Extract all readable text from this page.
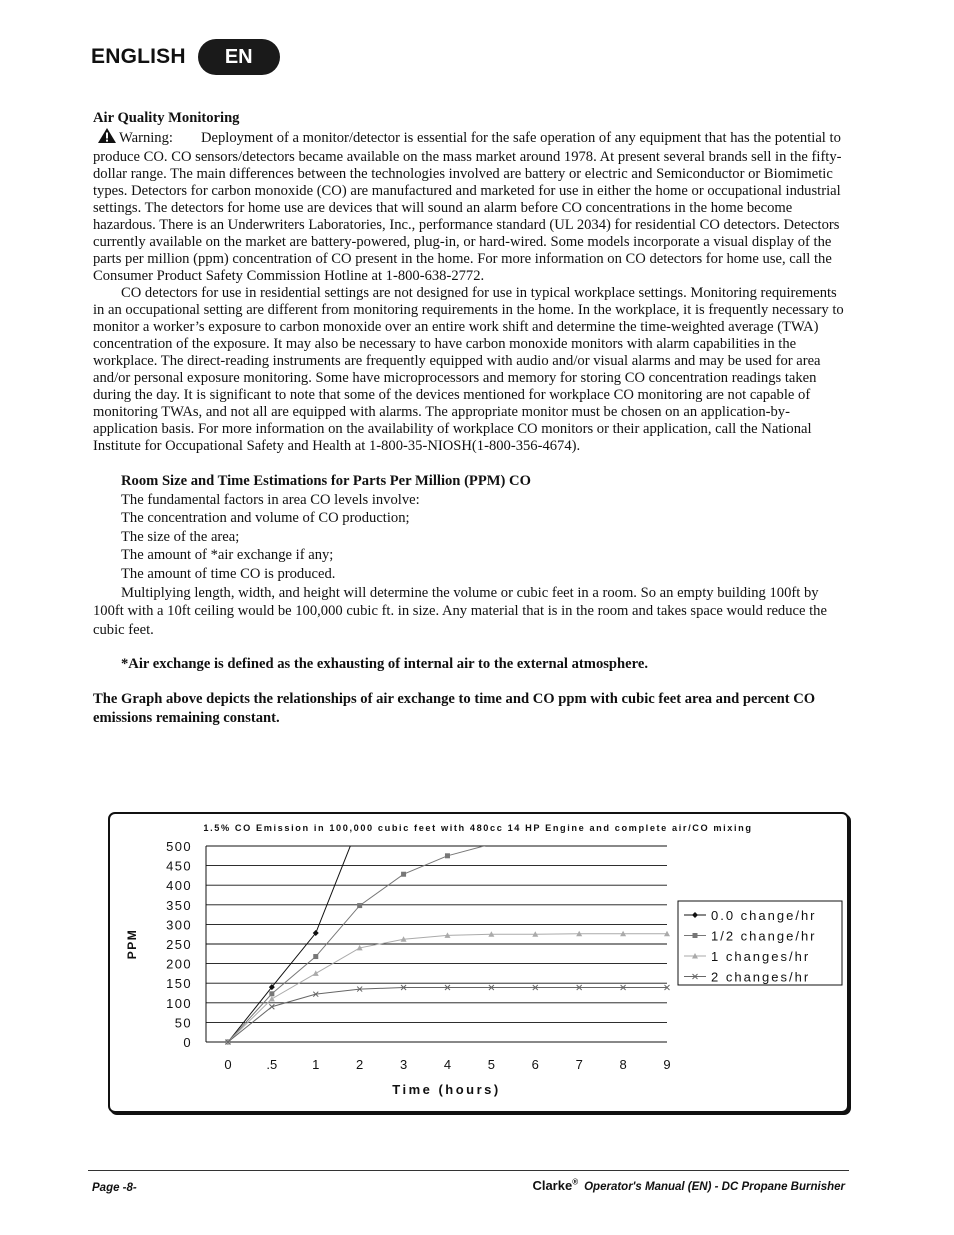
ENGLISH	EN

Air Quality Monitoring

Warning: Deployment of a monitor/detector is essential for the safe operation of any equipment that has the potential to produce CO. CO sensors/detectors became available on the mass market around 1978. At present several brands sell in the fifty-dollar range. The main differences between the technologies involved are battery or electric and Semiconductor or Biomimetic types. Detectors for carbon monoxide (CO) are manufactured and marketed for use in either the home or occupational industrial settings. The detectors for home use are devices that will sound an alarm before CO concentrations in the home become hazardous. There is an Underwriters Laboratories, Inc., performance standard (UL 2034) for residential CO detectors. Detectors currently available on the market are battery-powered, plug-in, or hard-wired. Some models incorporate a visual display of the parts per million (ppm) concentration of CO present in the home. For more information on CO detectors for home use, call the Consumer Product Safety Commission Hotline at 1-800-638-2772.

CO detectors for use in residential settings are not designed for use in typical workplace settings. Monitoring requirements in an occupational setting are different from monitoring requirements in the home. In the workplace, it is frequently necessary to monitor a worker’s exposure to carbon monoxide over an entire work shift and determine the time-weighted average (TWA) concentration of the exposure. It may also be necessary to have carbon monoxide monitors with alarm capabilities in the workplace. The direct-reading instruments are frequently equipped with audio and/or visual alarms and may be used for area and/or personal exposure monitoring. Some have microprocessors and memory for storing CO concentration readings taken during the day. It is significant to note that some of the devices mentioned for workplace CO monitoring are not capable of monitoring TWAs, and not all are equipped with alarms. The appropriate monitor must be chosen on an application-by-application basis. For more information on the availability of workplace CO monitors or their application, call the National Institute for Occupational Safety and Health at 1-800-35-NIOSH(1-800-356-4674).

Room Size and Time Estimations for Parts Per Million (PPM) CO

The fundamental factors in area CO levels involve:

The concentration and volume of CO production;

The size of the area;

The amount of *air exchange if any;

The amount of time CO is produced.

Multiplying length, width, and height will determine the volume or cubic feet in a room. So an empty building 100ft by 100ft with a 10ft ceiling would be 100,000 cubic ft. in size. Any material that is in the room and takes space would reduce the cubic feet.

*Air exchange is defined as the exhausting of internal air to the external atmosphere.

The Graph above depicts the relationships of air exchange to time and CO ppm with cubic feet area and percent CO emissions remaining constant.

1.5% CO Emission in 100,000 cubic feet with 480cc 14 HP Engine and complete air/CO mixing
0
50
100
150
200
250
300
350
400
450
500
0	.5	1	2	3	4	5	6	7	8	9
Time (hours)
PPM
0.0 change/hr
1/2 change/hr
1 changes/hr
2 changes/hr
Page -8-	Clarke® Operator's Manual (EN) - DC Propane Burnisher
